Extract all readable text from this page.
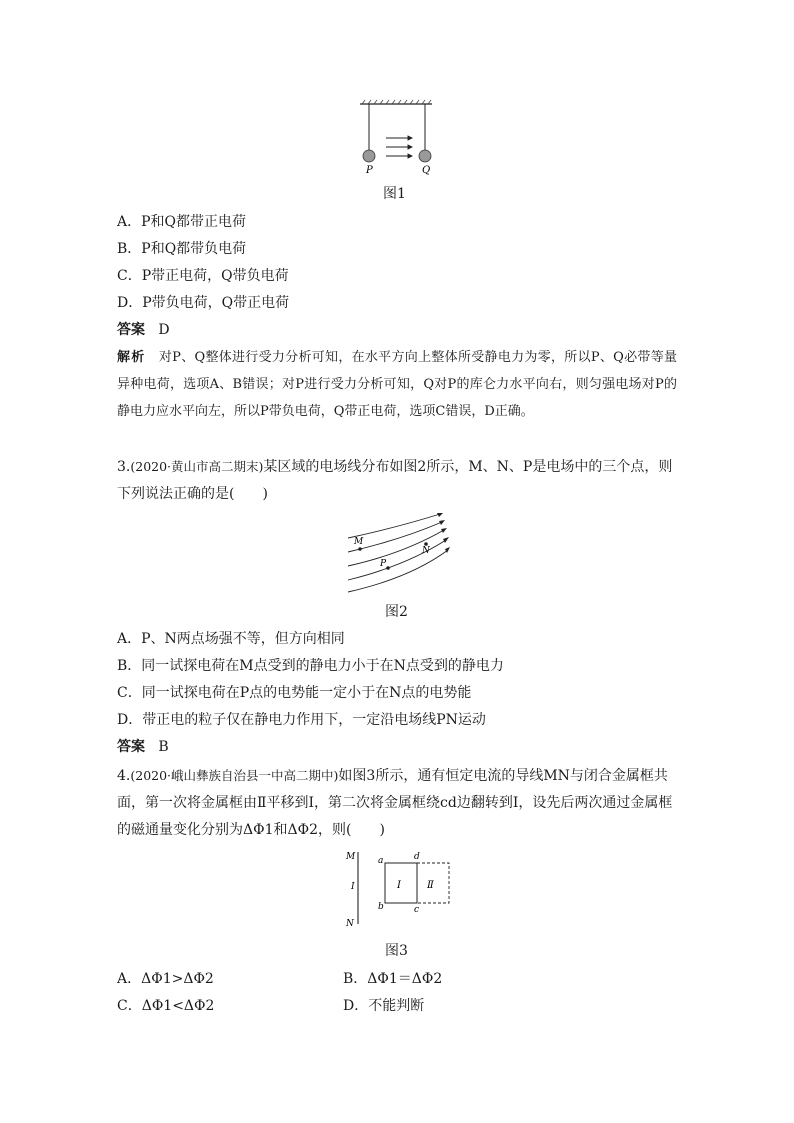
P	Q
图1
A．P和Q都带正电荷
B．P和Q都带负电荷
C．P带正电荷，Q带负电荷
D．P带负电荷，Q带正电荷
答案 D
解析 对P、Q整体进行受力分析可知，在水平方向上整体所受静电力为零，所以P、Q必带等量异种电荷，选项A、B错误；对P进行受力分析可知，Q对P的库仑力水平向右，则匀强电场对P的静电力应水平向左，所以P带负电荷，Q带正电荷，选项C错误，D正确。
3.(2020·黄山市高二期末)某区域的电场线分布如图2所示，M、N、P是电场中的三个点，则下列说法正确的是(　　)
M
N
P
图2
A．P、N两点场强不等，但方向相同
B．同一试探电荷在M点受到的静电力小于在N点受到的静电力
C．同一试探电荷在P点的电势能一定小于在N点的电势能
D．带正电的粒子仅在静电力作用下，一定沿电场线PN运动
答案 B
4.(2020·峨山彝族自治县一中高二期中)如图3所示，通有恒定电流的导线MN与闭合金属框共面，第一次将金属框由Ⅱ平移到Ⅰ，第二次将金属框绕cd边翻转到Ⅰ，设先后两次通过金属框的磁通量变化分别为ΔΦ1和ΔΦ2，则(　　)
M
I
N
a
b	c
d
Ⅰ	Ⅱ
图3
A．ΔΦ1>ΔΦ2	B．ΔΦ1＝ΔΦ2
C．ΔΦ1<ΔΦ2	D．不能判断
